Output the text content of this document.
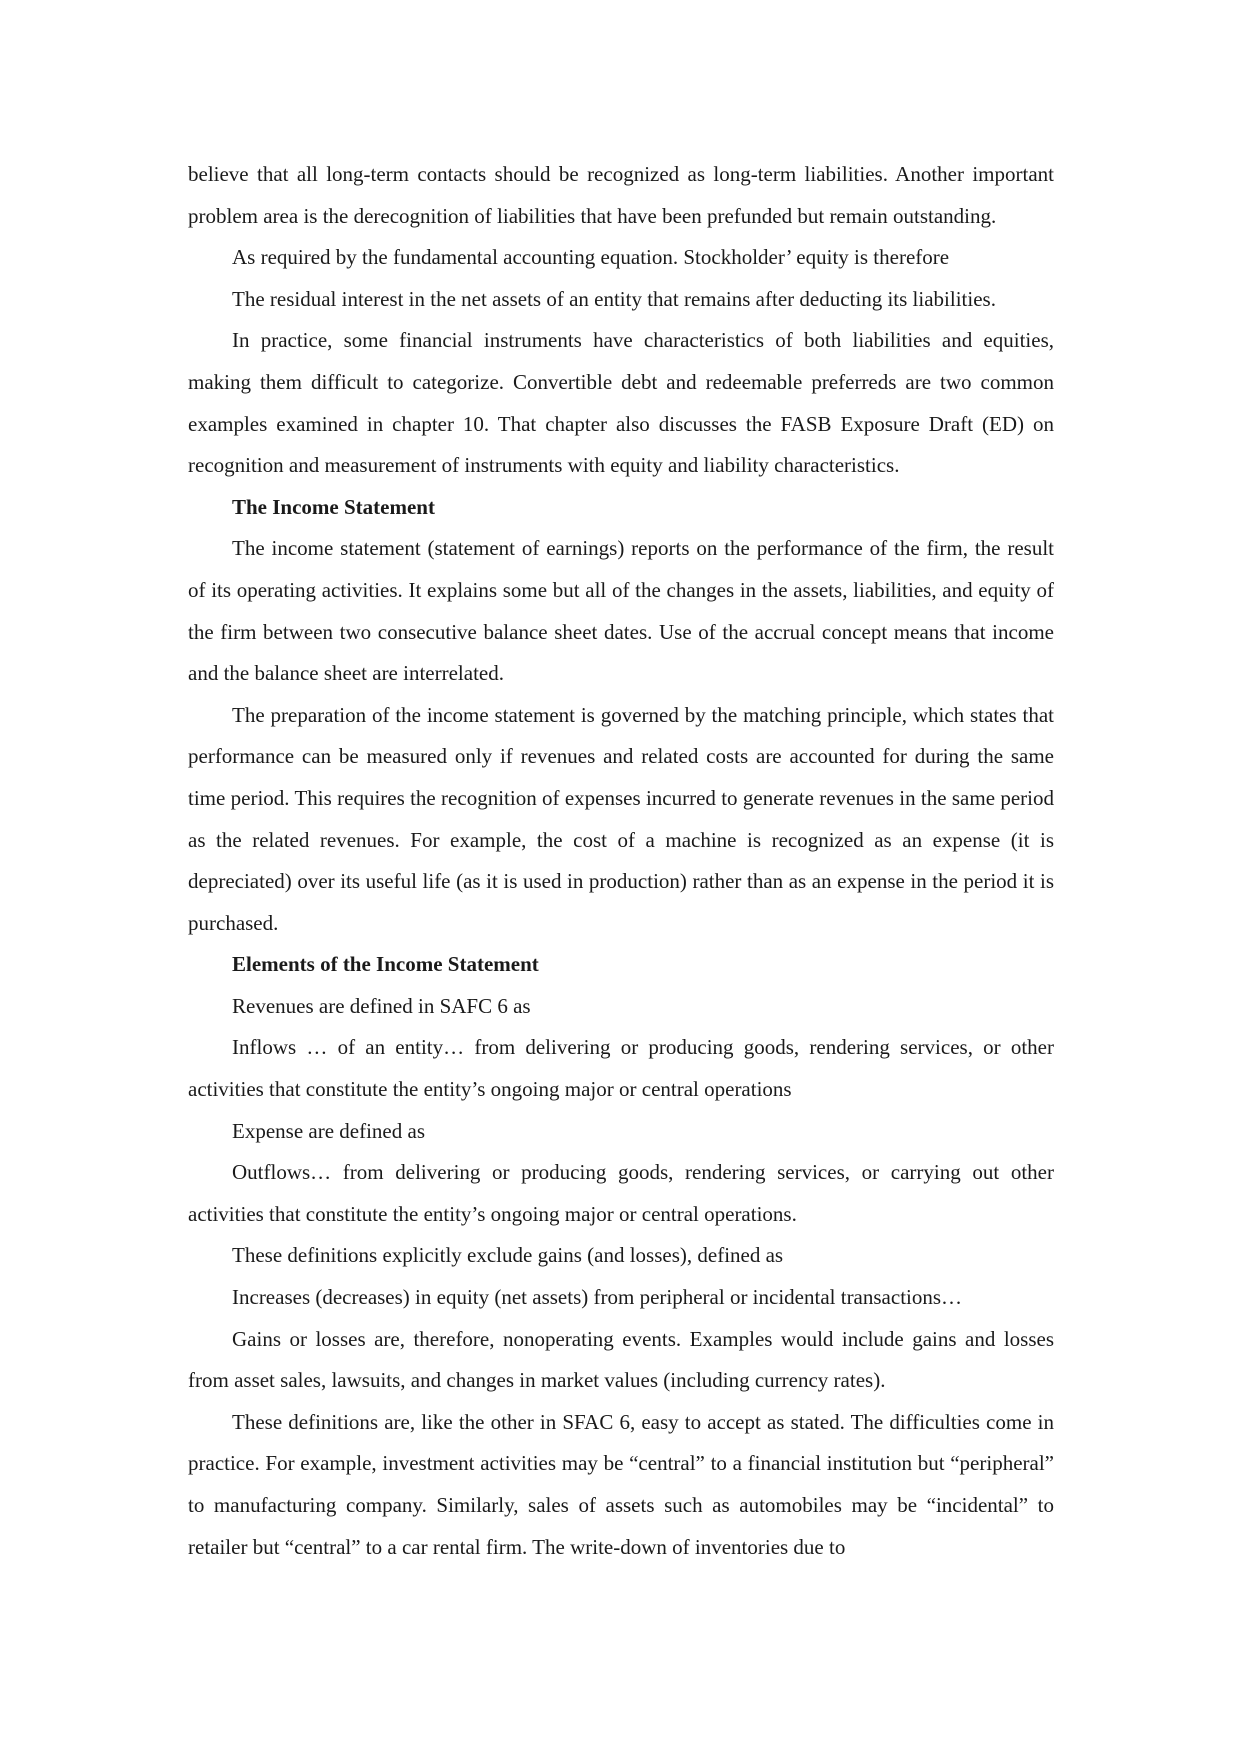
believe that all long-term contacts should be recognized as long-term liabilities. Another important problem area is the derecognition of liabilities that have been prefunded but remain outstanding.

As required by the fundamental accounting equation. Stockholder’ equity is therefore

The residual interest in the net assets of an entity that remains after deducting its liabilities.

In practice, some financial instruments have characteristics of both liabilities and equities, making them difficult to categorize. Convertible debt and redeemable preferreds are two common examples examined in chapter 10. That chapter also discusses the FASB Exposure Draft (ED) on recognition and measurement of instruments with equity and liability characteristics.

The Income Statement

The income statement (statement of earnings) reports on the performance of the firm, the result of its operating activities. It explains some but all of the changes in the assets, liabilities, and equity of the firm between two consecutive balance sheet dates. Use of the accrual concept means that income and the balance sheet are interrelated.

The preparation of the income statement is governed by the matching principle, which states that performance can be measured only if revenues and related costs are accounted for during the same time period. This requires the recognition of expenses incurred to generate revenues in the same period as the related revenues. For example, the cost of a machine is recognized as an expense (it is depreciated) over its useful life (as it is used in production) rather than as an expense in the period it is purchased.

Elements of the Income Statement

Revenues are defined in SAFC 6 as

Inflows … of an entity… from delivering or producing goods, rendering services, or other activities that constitute the entity’s ongoing major or central operations

Expense are defined as

Outflows… from delivering or producing goods, rendering services, or carrying out other activities that constitute the entity’s ongoing major or central operations.

These definitions explicitly exclude gains (and losses), defined as

Increases (decreases) in equity (net assets) from peripheral or incidental transactions…

Gains or losses are, therefore, nonoperating events. Examples would include gains and losses from asset sales, lawsuits, and changes in market values (including currency rates).

These definitions are, like the other in SFAC 6, easy to accept as stated. The difficulties come in practice. For example, investment activities may be “central” to a financial institution but “peripheral” to manufacturing company. Similarly, sales of assets such as automobiles may be “incidental” to retailer but “central” to a car rental firm. The write-down of inventories due to
